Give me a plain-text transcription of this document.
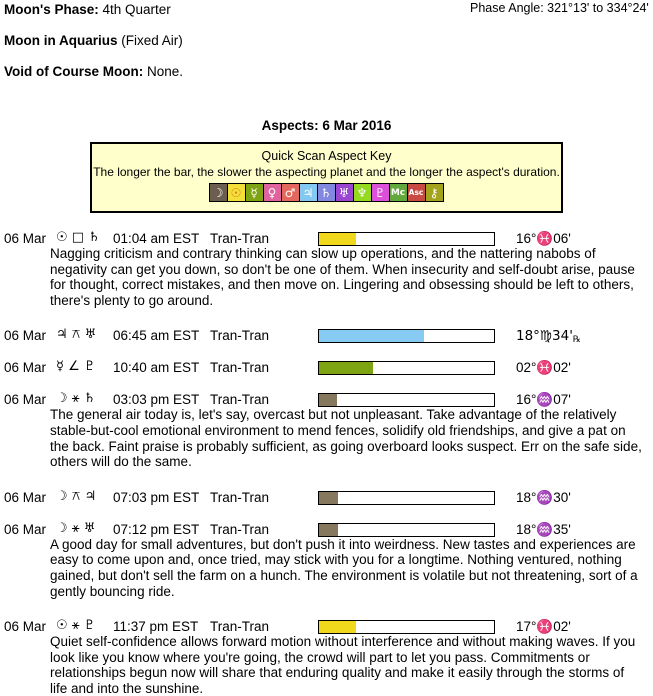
Moon's Phase: 4th Quarter	Phase Angle: 321°13' to 334°24'
Moon in Aquarius (Fixed Air)
Void of Course Moon: None.
Aspects: 6 Mar 2016
Quick Scan Aspect Key
The longer the bar, the slower the aspecting planet and the longer the aspect's duration.
☽ ☉ ☿ ♀ ♂ ♃ ♄ ♅ ♆ ♇ Mc Asc ⚷
06 Mar ☉ □ ♄ 01:04 am EST Tran-Tran	16°♓06'
Nagging criticism and contrary thinking can slow up operations, and the nattering nabobs of negativity can get you down, so don't be one of them. When insecurity and self-doubt arise, pause for thought, correct mistakes, and then move on. Lingering and obsessing should be left to others, there's plenty to go around.
06 Mar ♃ ⚻ ♅ 06:45 am EST Tran-Tran	18°♍34'℞
06 Mar ☿ ∠ ♇ 10:40 am EST Tran-Tran	02°♓02'
06 Mar ☽ ⚹ ♄ 03:03 pm EST Tran-Tran	16°♒07'
The general air today is, let's say, overcast but not unpleasant. Take advantage of the relatively stable-but-cool emotional environment to mend fences, solidify old friendships, and give a pat on the back. Faint praise is probably sufficient, as going overboard looks suspect. Err on the safe side, others will do the same.
06 Mar ☽ ⚻ ♃ 07:03 pm EST Tran-Tran	18°♒30'
06 Mar ☽ ⚹ ♅ 07:12 pm EST Tran-Tran	18°♒35'
A good day for small adventures, but don't push it into weirdness. New tastes and experiences are easy to come upon and, once tried, may stick with you for a longtime. Nothing ventured, nothing gained, but don't sell the farm on a hunch. The environment is volatile but not threatening, sort of a gently bouncing ride.
06 Mar ☉ ⚹ ♇ 11:37 pm EST Tran-Tran	17°♓02'
Quiet self-confidence allows forward motion without interference and without making waves. If you look like you know where you're going, the crowd will part to let you pass. Commitments or relationships begun now will share that enduring quality and make it easily through the storms of life and into the sunshine.
